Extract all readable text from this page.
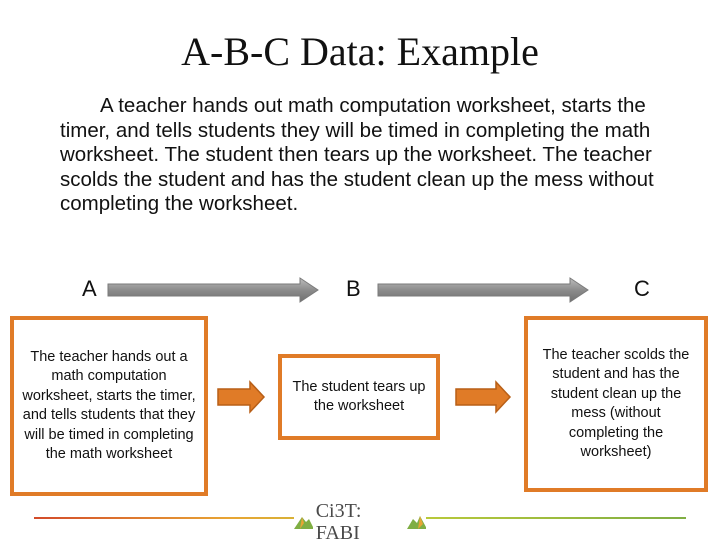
A-B-C Data: Example

A teacher hands out math computation worksheet, starts the timer, and tells students they will be timed in completing the math worksheet. The student then tears up the worksheet. The teacher scolds the student and has the student clean up the mess without completing the worksheet.

A	B	C
The teacher hands out a math computation worksheet, starts the timer, and tells students that they will be timed in completing the math worksheet
The student tears up the worksheet
The teacher scolds the student and has the student clean up the mess (without completing the worksheet)
Ci3T: FABI
